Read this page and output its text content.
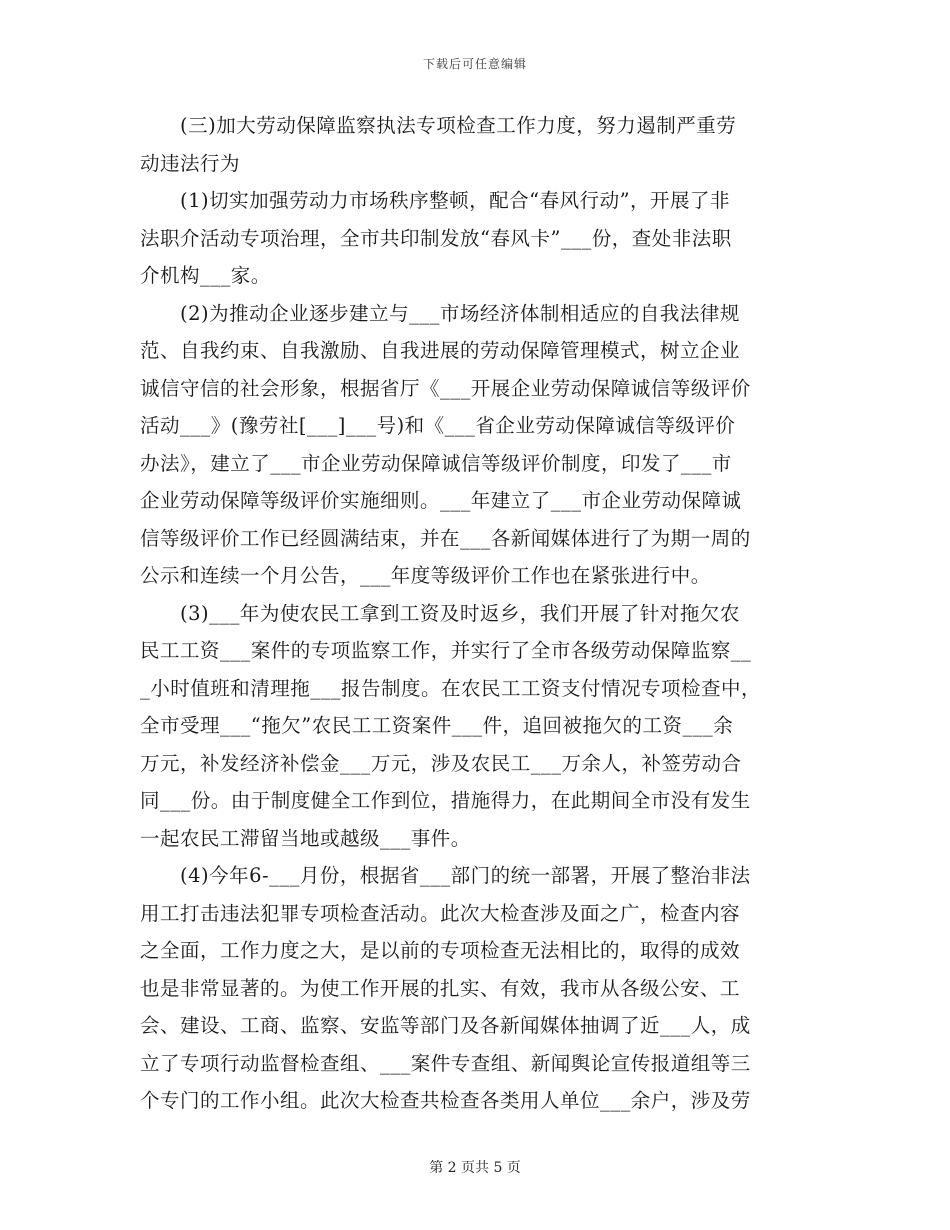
下载后可任意编辑
　　(三)加大劳动保障监察执法专项检查工作力度，努力遏制严重劳
动违法行为
　　(1)切实加强劳动力市场秩序整顿，配合“春风行动”，开展了非
法职介活动专项治理，全市共印制发放“春风卡”___份，查处非法职
介机构___家。
　　(2)为推动企业逐步建立与___市场经济体制相适应的自我法律规
范、自我约束、自我激励、自我进展的劳动保障管理模式，树立企业
诚信守信的社会形象，根据省厅《___开展企业劳动保障诚信等级评价
活动___》(豫劳社[___]___号)和《___省企业劳动保障诚信等级评价
办法》，建立了___市企业劳动保障诚信等级评价制度，印发了___市
企业劳动保障等级评价实施细则。___年建立了___市企业劳动保障诚
信等级评价工作已经圆满结束，并在___各新闻媒体进行了为期一周的
公示和连续一个月公告，___年度等级评价工作也在紧张进行中。
　　(3)___年为使农民工拿到工资及时返乡，我们开展了针对拖欠农
民工工资___案件的专项监察工作，并实行了全市各级劳动保障监察__
_小时值班和清理拖___报告制度。在农民工工资支付情况专项检查中，
全市受理___“拖欠”农民工工资案件___件，追回被拖欠的工资___余
万元，补发经济补偿金___万元，涉及农民工___万余人，补签劳动合
同___份。由于制度健全工作到位，措施得力，在此期间全市没有发生
一起农民工滞留当地或越级___事件。
　　(4)今年6-___月份，根据省___部门的统一部署，开展了整治非法
用工打击违法犯罪专项检查活动。此次大检查涉及面之广，检查内容
之全面，工作力度之大，是以前的专项检查无法相比的，取得的成效
也是非常显著的。为使工作开展的扎实、有效，我市从各级公安、工
会、建设、工商、监察、安监等部门及各新闻媒体抽调了近___人，成
立了专项行动监督检查组、___案件专查组、新闻舆论宣传报道组等三
个专门的工作小组。此次大检查共检查各类用人单位___余户，涉及劳
第 2 页共 5 页
